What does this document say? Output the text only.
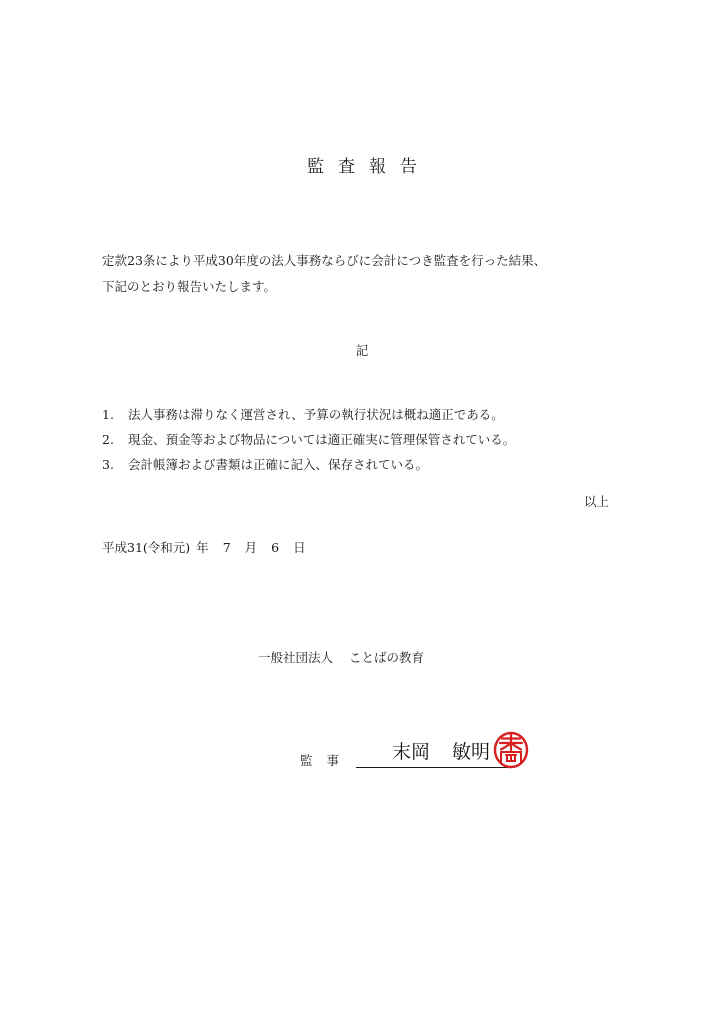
監査報告
定款23条により平成30年度の法人事務ならびに会計につき監査を行った結果、
下記のとおり報告いたします。
記
1. 法人事務は滞りなく運営され、予算の執行状況は概ね適正である。
2. 現金、預金等および物品については適正確実に管理保管されている。
3. 会計帳簿および書類は正確に記入、保存されている。
以上
平成31(令和元) 年 7 月 6 日
一般社団法人 ことばの教育
監事 末岡 敏明
